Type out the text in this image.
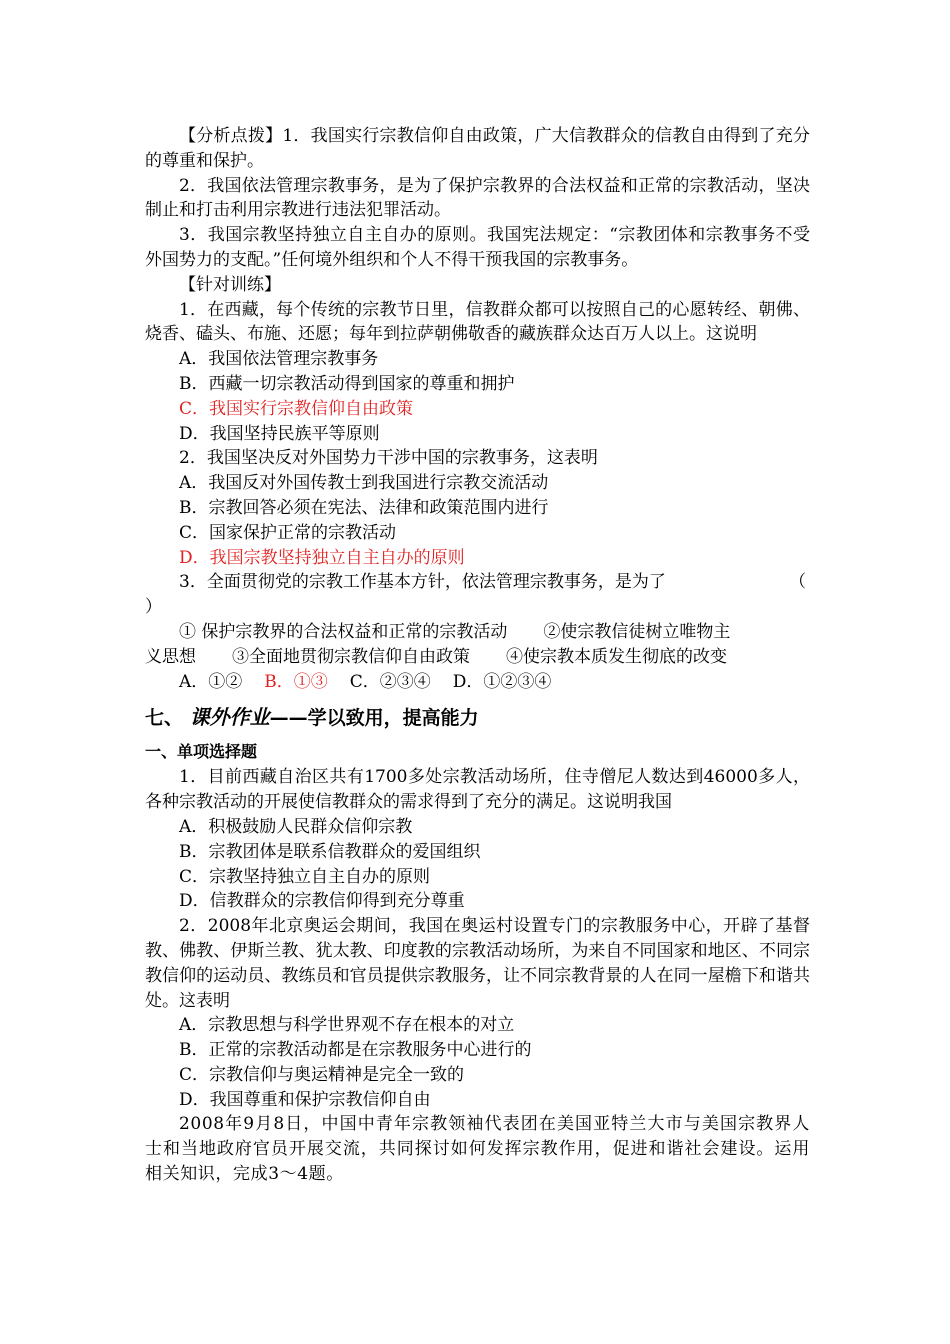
【分析点拨】1．我国实行宗教信仰自由政策，广大信教群众的信教自由得到了充分的尊重和保护。

2．我国依法管理宗教事务，是为了保护宗教界的合法权益和正常的宗教活动，坚决制止和打击利用宗教进行违法犯罪活动。

3．我国宗教坚持独立自主自办的原则。我国宪法规定：“宗教团体和宗教事务不受外国势力的支配。”任何境外组织和个人不得干预我国的宗教事务。

【针对训练】

1．在西藏，每个传统的宗教节日里，信教群众都可以按照自己的心愿转经、朝佛、烧香、磕头、布施、还愿；每年到拉萨朝佛敬香的藏族群众达百万人以上。这说明

A．我国依法管理宗教事务

B．西藏一切宗教活动得到国家的尊重和拥护

C．我国实行宗教信仰自由政策

D．我国坚持民族平等原则

2．我国坚决反对外国势力干涉中国的宗教事务，这表明

A．我国反对外国传教士到我国进行宗教交流活动

B．宗教回答必须在宪法、法律和政策范围内进行

C．国家保护正常的宗教活动

D．我国宗教坚持独立自主自办的原则

3．全面贯彻党的宗教工作基本方针，依法管理宗教事务，是为了	（

）

① 保护宗教界的合法权益和正常的宗教活动 ②使宗教信徒树立唯物主

义思想 ③全面地贯彻宗教信仰自由政策 ④使宗教本质发生彻底的改变

A．①② B．①③ C．②③④ D．①②③④

七、 课外作业——学以致用，提高能力

一、单项选择题

1．目前西藏自治区共有1700多处宗教活动场所，住寺僧尼人数达到46000多人，各种宗教活动的开展使信教群众的需求得到了充分的满足。这说明我国

A．积极鼓励人民群众信仰宗教

B．宗教团体是联系信教群众的爱国组织

C．宗教坚持独立自主自办的原则

D．信教群众的宗教信仰得到充分尊重

2．2008年北京奥运会期间，我国在奥运村设置专门的宗教服务中心，开辟了基督教、佛教、伊斯兰教、犹太教、印度教的宗教活动场所，为来自不同国家和地区、不同宗教信仰的运动员、教练员和官员提供宗教服务，让不同宗教背景的人在同一屋檐下和谐共处。这表明

A．宗教思想与科学世界观不存在根本的对立

B．正常的宗教活动都是在宗教服务中心进行的

C．宗教信仰与奥运精神是完全一致的

D．我国尊重和保护宗教信仰自由

2008年9月8日，中国中青年宗教领袖代表团在美国亚特兰大市与美国宗教界人士和当地政府官员开展交流，共同探讨如何发挥宗教作用，促进和谐社会建设。运用相关知识，完成3～4题。
